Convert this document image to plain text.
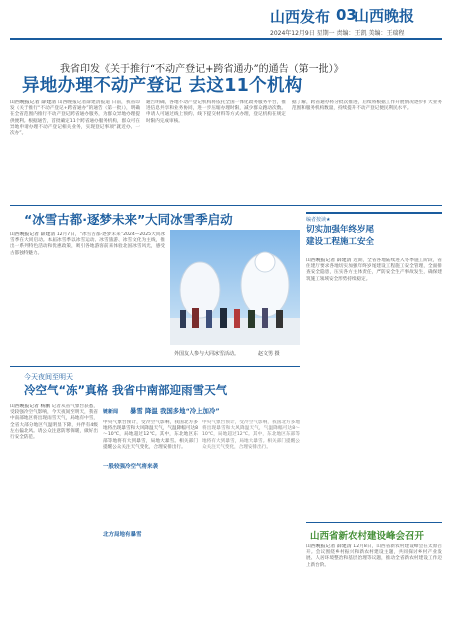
山西发布 03
山西晚报
2024年12月9日 星期一 责编：王凯 美编：王瑞程
我省印发《关于推行“不动产登记+跨省通办”的通告（第一批）》
异地办理不动产登记 去这11个机构
山西晚报记者 薛建清 山西晚报记者薛建清报道 日前，我省印发《关于推行“不动产登记+跨省通办”的通告（第一批）》，明确在全省范围内推行不动产登记跨省通办服务，为群众异地办理提供便利。根据通告，首批确定11个跨省通办服务机构，群众可在异地申请办理不动产登记相关业务，实现登记事项“就近办、一次办”。
通告明确，各地不动产登记机构将依托全国一体化政务服务平台，推进信息共享和业务协同，进一步压缩办理时限，减少群众跑动次数。申请人可通过线上预约、线下提交材料等方式办理，登记机构在规定时限内完成审核。
据了解，跨省通办将分批次推进，后续将根据工作开展情况逐步扩大业务范围和服务机构数量，持续提升不动产登记便民利民水平。
“冰雪古都·逐梦未来”大同冰雪季启动
山西晚报记者 薛建清 12月7日，“冰雪古都·逐梦未来”2024—2025大同冰雪季在大同启动。本届冰雪季以冰雪运动、冰雪旅游、冰雪文化为主线，推出一系列特色活动和优惠政策，吸引各地游客前来体验北国冰雪风光，感受古都独特魅力。
外国友人参与大同冰雪活动。	赵文男 摄
编者按读★
切实加强年终岁尾
建设工程施工安全
山西晚报记者 薛建清 近期，全省各地陆续进入冬季施工阶段，省住建厅要求各地切实加强年终岁尾建设工程施工安全管理，全面排查安全隐患，压实各方主体责任，严防安全生产事故发生，确保建筑施工领域安全形势持续稳定。
今天夜间至明天
冷空气“冻”真格 我省中南部迎雨雪天气
山西晚报记者 杨鹏 记者从省气象台获悉，受较强冷空气影响，今天夜间至明天，我省中南部地区将出现雨雪天气，局地有中雪，全省大部分地区气温明显下降，并伴有4级左右偏北风。请公众注意防寒保暖，做好出行安全防范。
链新闻 暴雪 降温 我国多地“冷上加冷”
中央气象台预计，受冷空气影响，我国北方多地将出现暴雪和大风降温天气，气温降幅可达8～10℃，局地超过12℃。其中，东北地区东部等地将有大到暴雪，局地大暴雪。相关部门提醒公众关注天气变化，合理安排出行。
一股较强冷空气将来袭
北方局地有暴雪
中央气象台预计，受冷空气影响，我国北方多地将出现暴雪和大风降温天气，气温降幅可达8～10℃，局地超过12℃。其中，东北地区东部等地将有大到暴雪，局地大暴雪。相关部门提醒公众关注天气变化，合理安排出行。
山西省新农村建设峰会召开
山西晚报记者 薛建清 12月8日，山西省新农村建设峰会在太原召开。会议围绕乡村振兴和新农村建设主题，共同探讨乡村产业发展、人居环境整治和基层治理等议题，推动全省新农村建设工作迈上新台阶。
